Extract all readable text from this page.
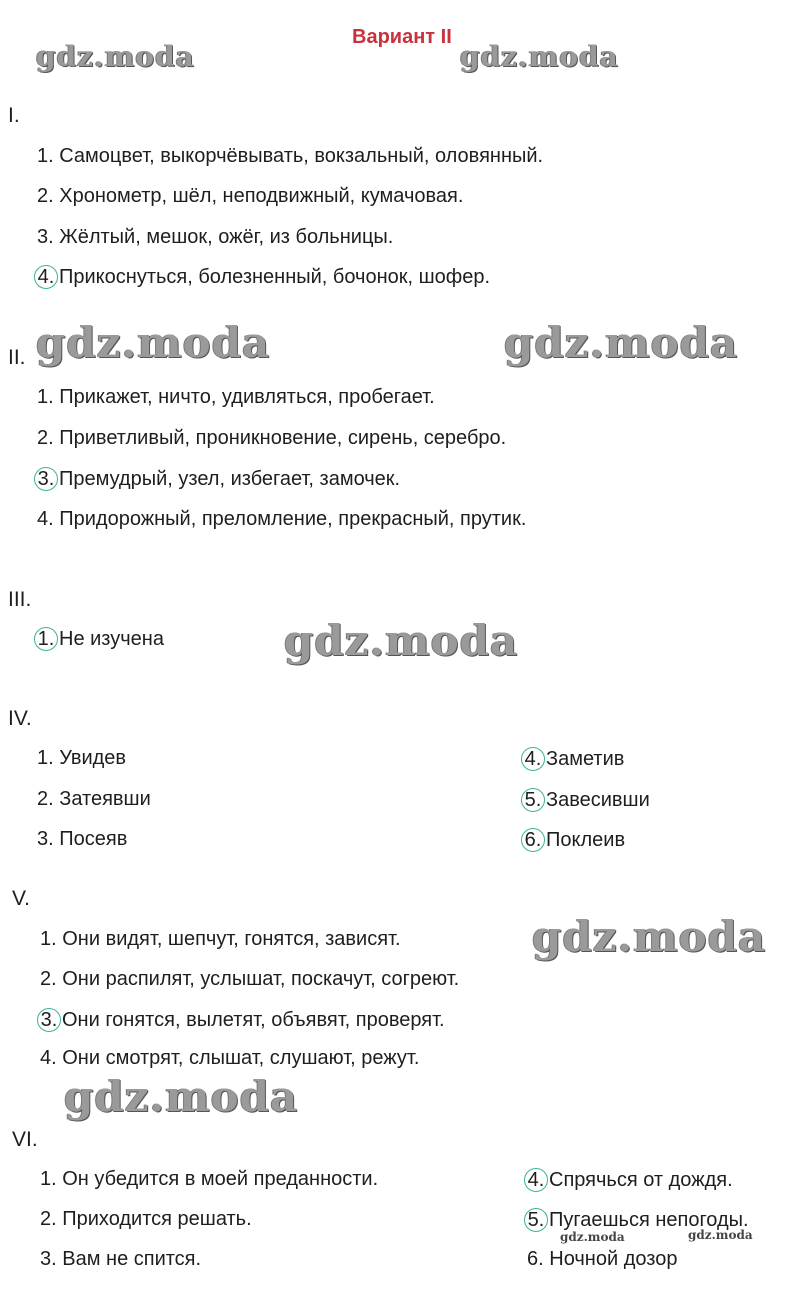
Вариант II
gdz.moda	gdz.moda
gdz.moda	gdz.moda
gdz.moda
gdz.moda
gdz.moda
gdz.moda	gdz.moda
I.
1. Самоцвет, выкорчёвывать, вокзальный, оловянный.
2. Хронометр, шёл, неподвижный, кумачовая.
3. Жёлтый, мешок, ожёг, из больницы.
4. Прикоснуться, болезненный, бочонок, шофер.
II.
1. Прикажет, ничто, удивляться, пробегает.
2. Приветливый, проникновение, сирень, серебро.
3. Премудрый, узел, избегает, замочек.
4. Придорожный, преломление, прекрасный, прутик.
III.
1. Не изучена
IV.
1. Увидев
2. Затеявши
3. Посеяв
4. Заметив
5. Завесивши
6. Поклеив
V.
1. Они видят, шепчут, гонятся, зависят.
2. Они распилят, услышат, поскачут, согреют.
3. Они гонятся, вылетят, объявят, проверят.
4. Они смотрят, слышат, слушают, режут.
VI.
1. Он убедится в моей преданности.
2. Приходится решать.
3. Вам не спится.
4. Спрячься от дождя.
5. Пугаешься непогоды.
6. Ночной дозор
